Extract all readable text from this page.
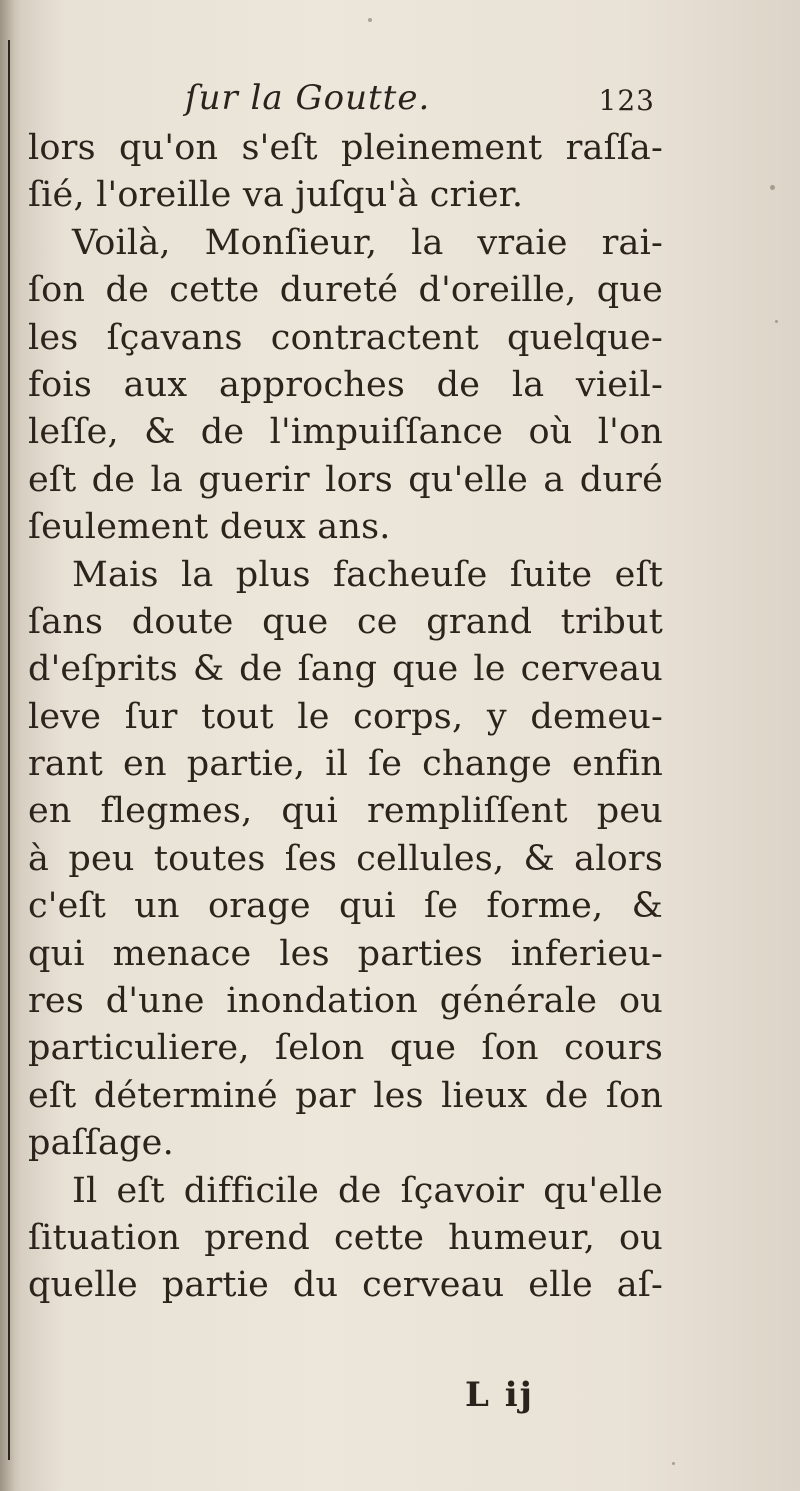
ſur la Goutte.	123
lors qu'on s'eſt pleinement raſſa-
ſié, l'oreille va juſqu'à crier.
Voilà, Monſieur, la vraie rai-
ſon de cette dureté d'oreille, que
les ſçavans contractent quelque-
fois aux approches de la vieil-
leſſe, & de l'impuiſſance où l'on
eſt de la guerir lors qu'elle a duré
ſeulement deux ans.
Mais la plus facheuſe ſuite eſt
ſans doute que ce grand tribut
d'eſprits & de ſang que le cerveau
leve ſur tout le corps, y demeu-
rant en partie, il ſe change enfin
en flegmes, qui rempliſſent peu
à peu toutes ſes cellules, & alors
c'eſt un orage qui ſe forme, &
qui menace les parties inferieu-
res d'une inondation générale ou
particuliere, ſelon que ſon cours
eſt déterminé par les lieux de ſon
paſſage.
Il eſt difficile de ſçavoir qu'elle
ſituation prend cette humeur, ou
quelle partie du cerveau elle aſ-
L ij
